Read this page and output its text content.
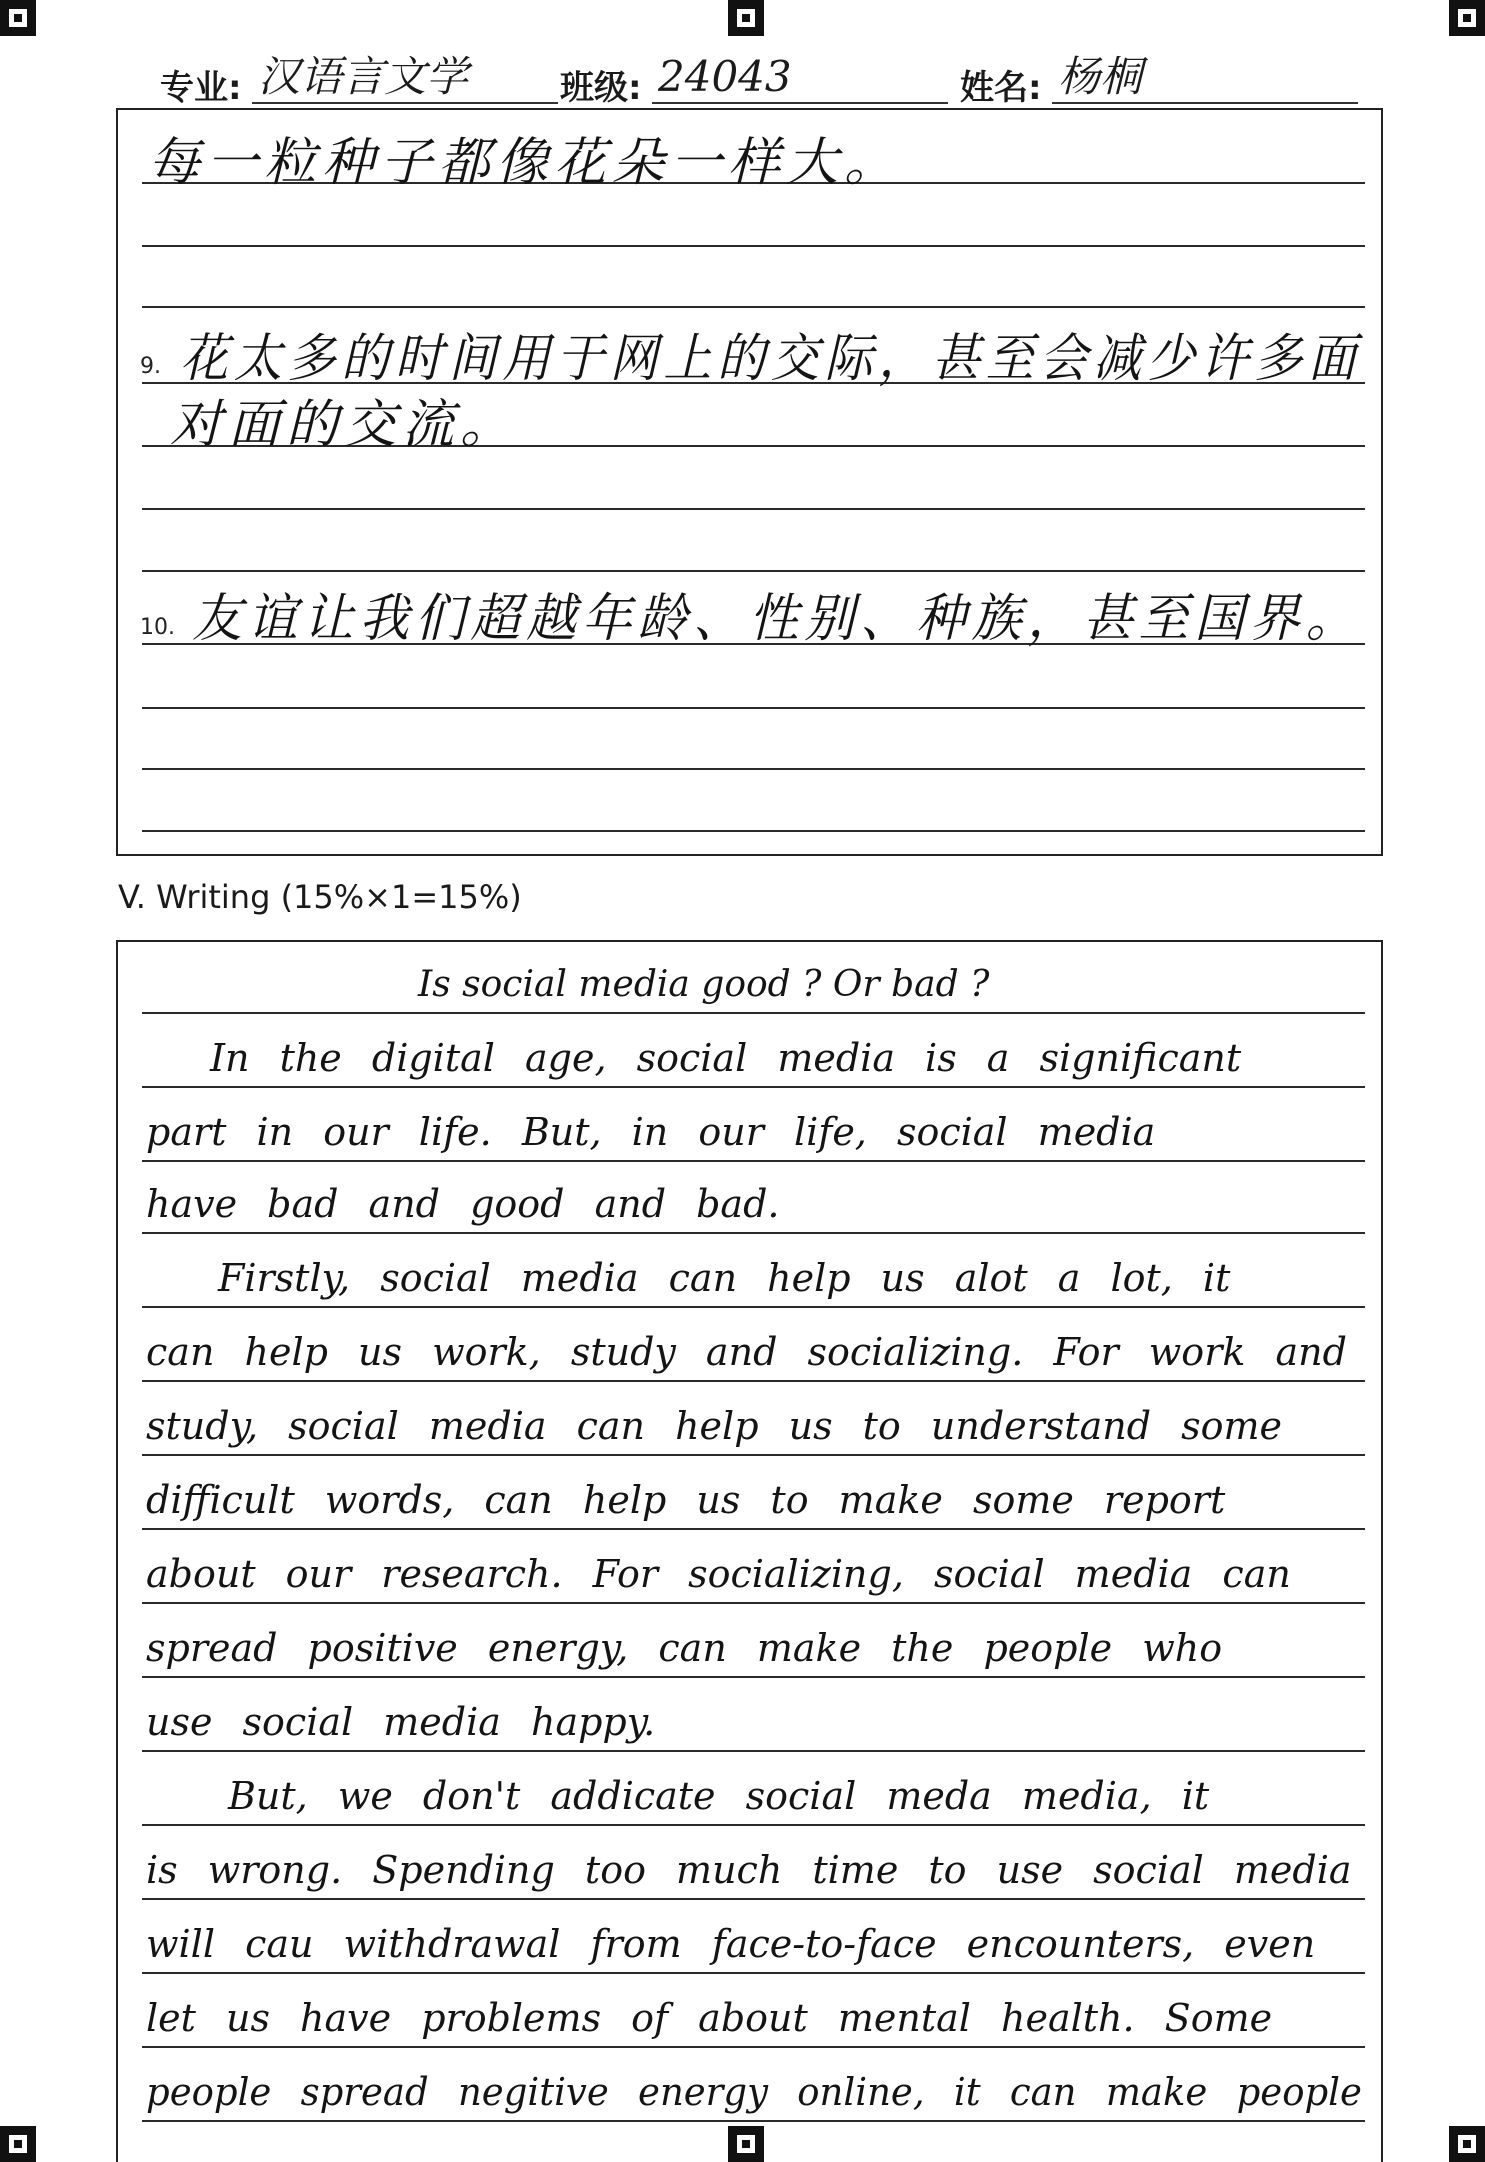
专业: 汉语言文学	班级: 24043	姓名: 杨桐
每一粒种子都像花朵一样大。
9. 花太多的时间用于网上的交际，甚至会减少许多面
对面的交流。
10. 友谊让我们超越年龄、性别、种族，甚至国界。
V. Writing (15%×1=15%)
Is social media good ? Or bad ?
In the digital age, social media is a significant
part in our life. But, in our life, social media
have bad and good and bad.
Firstly, social media can help us alot a lot, it
can help us work, study and socializing. For work and
study, social media can help us to understand some
difficult words, can help us to make some report
about our research. For socializing, social media can
spread positive energy, can make the people who
use social media happy.
But, we don't addicate social meda media, it
is wrong. Spending too much time to use social media
will cau withdrawal from face-to-face encounters, even
let us have problems of about mental health. Some
people spread negitive energy online, it can make people
